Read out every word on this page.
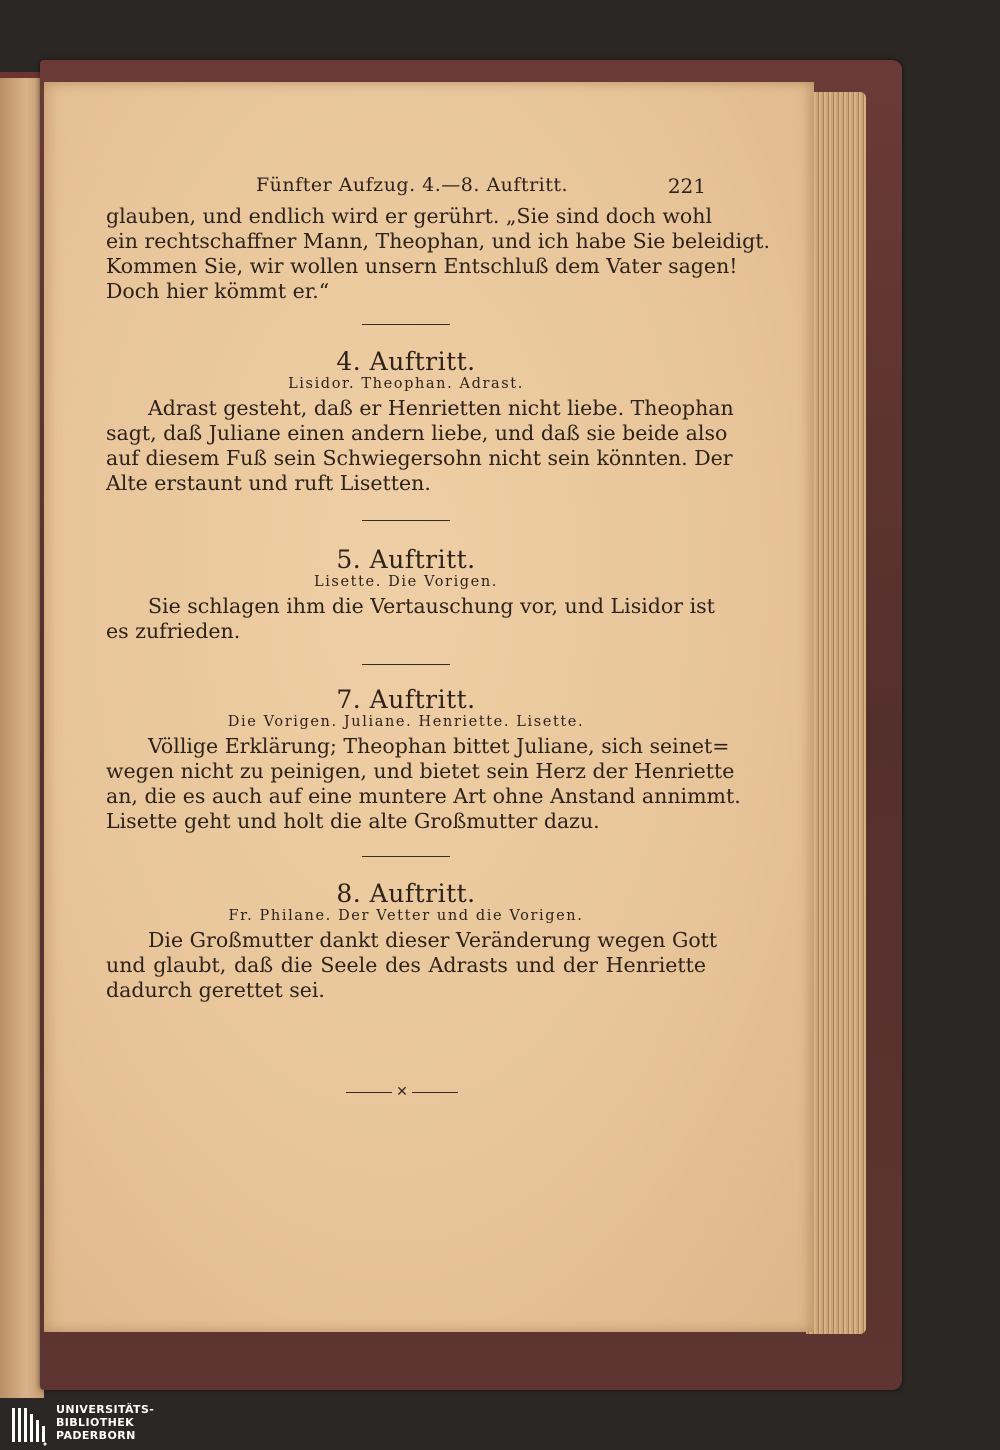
Fünfter Aufzug. 4.—8. Auftritt.	221

glauben, und endlich wird er gerührt. „Sie sind doch wohl
ein rechtschaffner Mann, Theophan, und ich habe Sie beleidigt.
Kommen Sie, wir wollen unsern Entschluß dem Vater sagen!
Doch hier kömmt er.“

4. Auftritt.

Lisidor. Theophan. Adrast.

Adrast gesteht, daß er Henrietten nicht liebe. Theophan
sagt, daß Juliane einen andern liebe, und daß sie beide also
auf diesem Fuß sein Schwiegersohn nicht sein könnten. Der
Alte erstaunt und ruft Lisetten.

5. Auftritt.

Lisette. Die Vorigen.

Sie schlagen ihm die Vertauschung vor, und Lisidor ist
es zufrieden.

7. Auftritt.

Die Vorigen. Juliane. Henriette. Lisette.

Völlige Erklärung; Theophan bittet Juliane, sich seinet=
wegen nicht zu peinigen, und bietet sein Herz der Henriette
an, die es auch auf eine muntere Art ohne Anstand annimmt.
Lisette geht und holt die alte Großmutter dazu.

8. Auftritt.

Fr. Philane. Der Vetter und die Vorigen.

Die Großmutter dankt dieser Veränderung wegen Gott
und glaubt, daß die Seele des Adrasts und der Henriette
dadurch gerettet sei.

✕
UNIVERSITÄTS-
BIBLIOTHEK
PADERBORN
